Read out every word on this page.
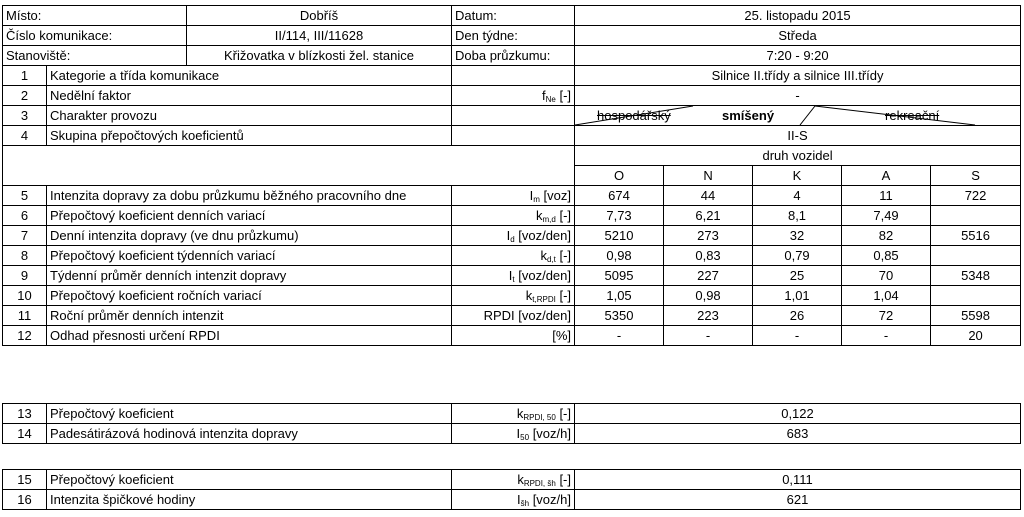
Místo: Dobříš		Datum:	25. listopadu 2015				

Číslo komunikace: II/114, III/11628		Den týdne:	Středa				

Stanoviště: Křižovatka v blízkosti žel. stanice		Doba průzkumu:	7:20 - 9:20				
1	Kategorie a třída komunikace		Silnice II.třídy a silnice III.třídy				
2	Nedělní faktor	$f_{Ne}$ [-]	-				
3	Charakter provozu		hospodářský smíšený rekreační				

4	Skupina přepočtových koeficientů		II-S				
			druh vozidel				
			O	N	K	A	S
5	Intenzita dopravy za dobu průzkumu běžného pracovního dne	$I_m$ [voz]	674	44	4	11	722
6	Přepočtový koeficient denních variací	$k_{m,d}$ [-]	7,73	6,21	8,1	7,49	
7	Denní intenzita dopravy (ve dnu průzkumu)	$I_d$ [voz/den]	5210	273	32	82	5516
8	Přepočtový koeficient týdenních variací	$k_{d,t}$ [-]	0,98	0,83	0,79	0,85	
9	Týdenní průměr denních intenzit dopravy	$I_t$ [voz/den]	5095	227	25	70	5348
10	Přepočtový koeficient ročních variací	$k_{t,RPDI}$ [-]	1,05	0,98	1,01	1,04	
11	Roční průměr denních intenzit	RPDI [voz/den]	5350	223	26	72	5598
12	Odhad přesnosti určení RPDI	[%]	-	-	-	-	20
13	Přepočtový koeficient	$k_{RPDI, 50}$ [-]	0,122
14	Padesátirázová hodinová intenzita dopravy	$I_{50}$ [voz/h]	683
15	Přepočtový koeficient	$k_{RPDI, šh}$ [-]	0,111
16	Intenzita špičkové hodiny	$I_{šh}$ [voz/h]	621
